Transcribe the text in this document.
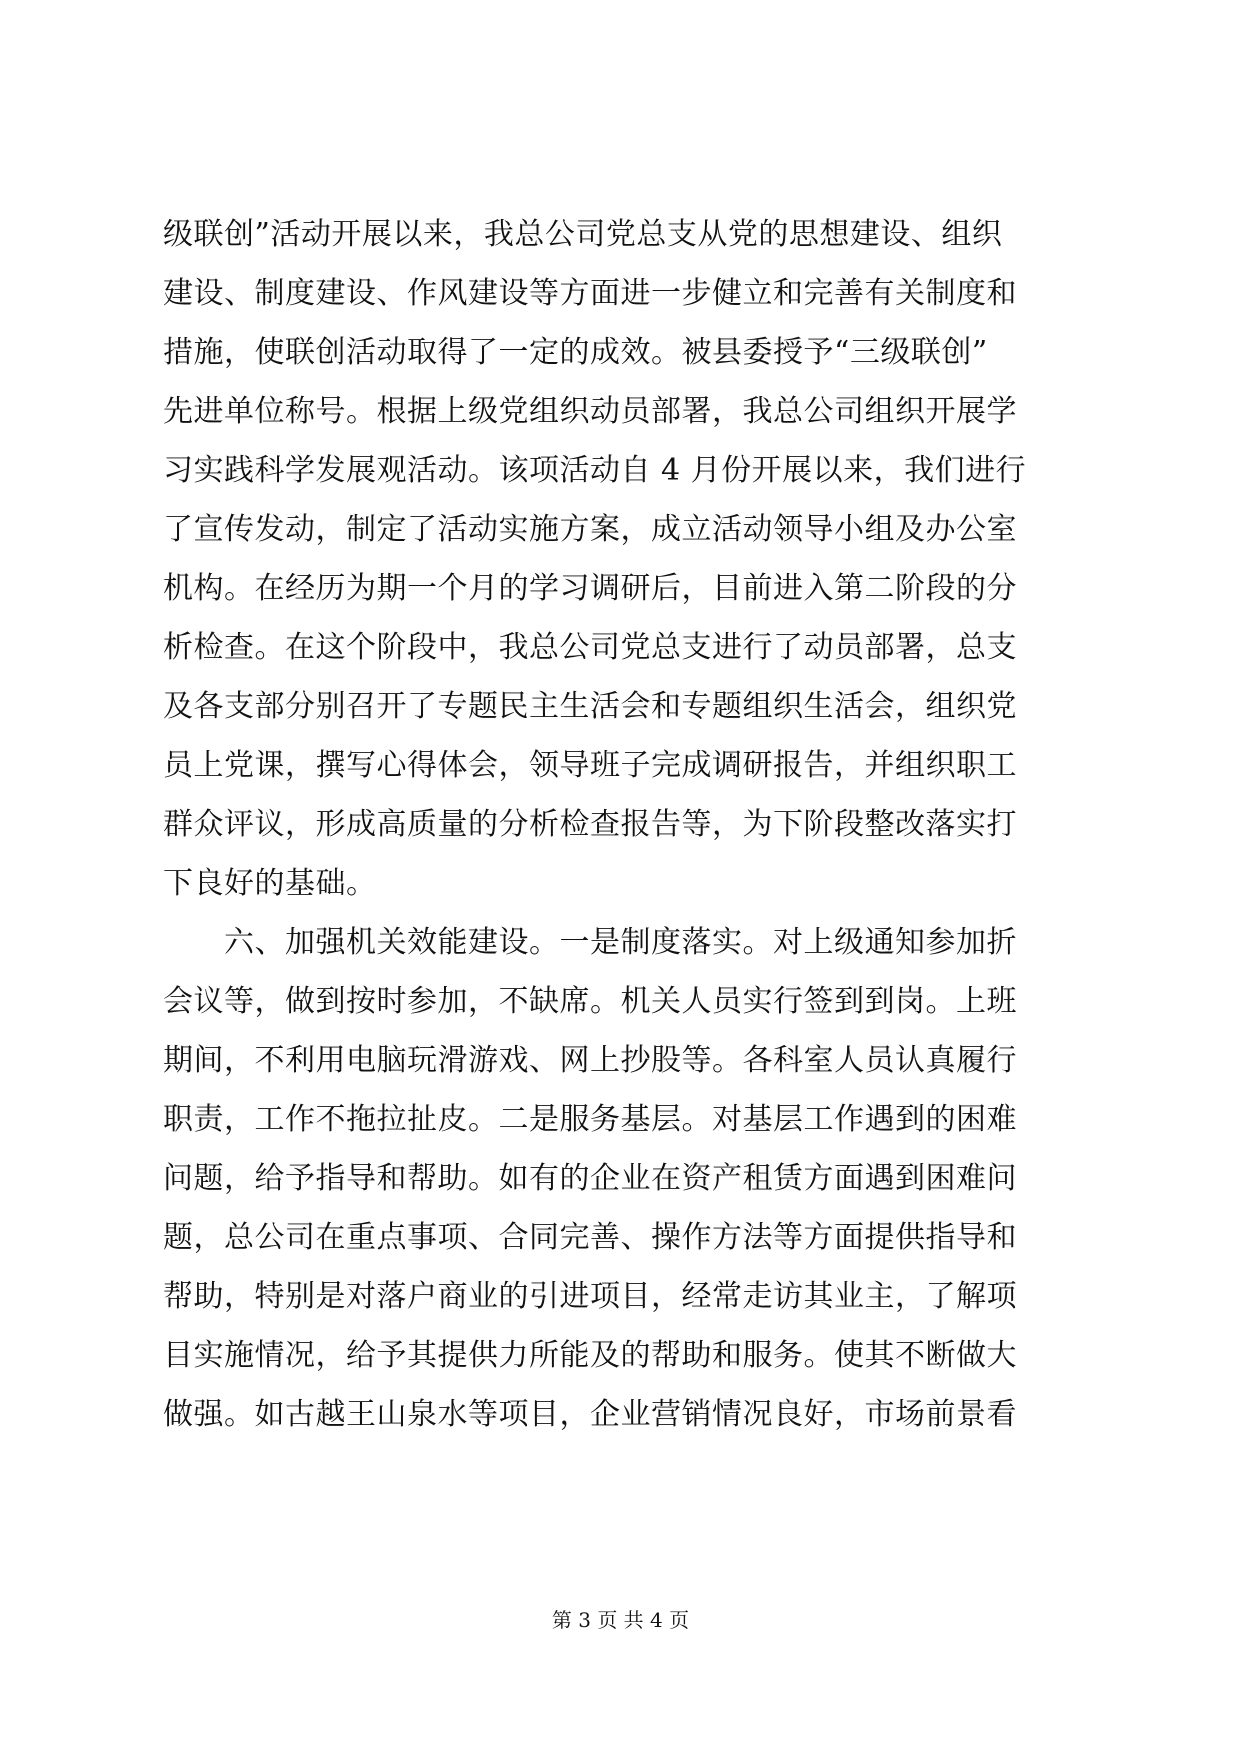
级联创”活动开展以来，我总公司党总支从党的思想建设、组织
建设、制度建设、作风建设等方面进一步健立和完善有关制度和
措施，使联创活动取得了一定的成效。被县委授予“三级联创”
先进单位称号。根据上级党组织动员部署，我总公司组织开展学
习实践科学发展观活动。该项活动自 4 月份开展以来，我们进行
了宣传发动，制定了活动实施方案，成立活动领导小组及办公室
机构。在经历为期一个月的学习调研后，目前进入第二阶段的分
析检查。在这个阶段中，我总公司党总支进行了动员部署，总支
及各支部分别召开了专题民主生活会和专题组织生活会，组织党
员上党课，撰写心得体会，领导班子完成调研报告，并组织职工
群众评议，形成高质量的分析检查报告等，为下阶段整改落实打
下良好的基础。
　　六、加强机关效能建设。一是制度落实。对上级通知参加折
会议等，做到按时参加，不缺席。机关人员实行签到到岗。上班
期间，不利用电脑玩滑游戏、网上抄股等。各科室人员认真履行
职责，工作不拖拉扯皮。二是服务基层。对基层工作遇到的困难
问题，给予指导和帮助。如有的企业在资产租赁方面遇到困难问
题，总公司在重点事项、合同完善、操作方法等方面提供指导和
帮助，特别是对落户商业的引进项目，经常走访其业主，了解项
目实施情况，给予其提供力所能及的帮助和服务。使其不断做大
做强。如古越王山泉水等项目，企业营销情况良好，市场前景看
第 3 页 共 4 页
